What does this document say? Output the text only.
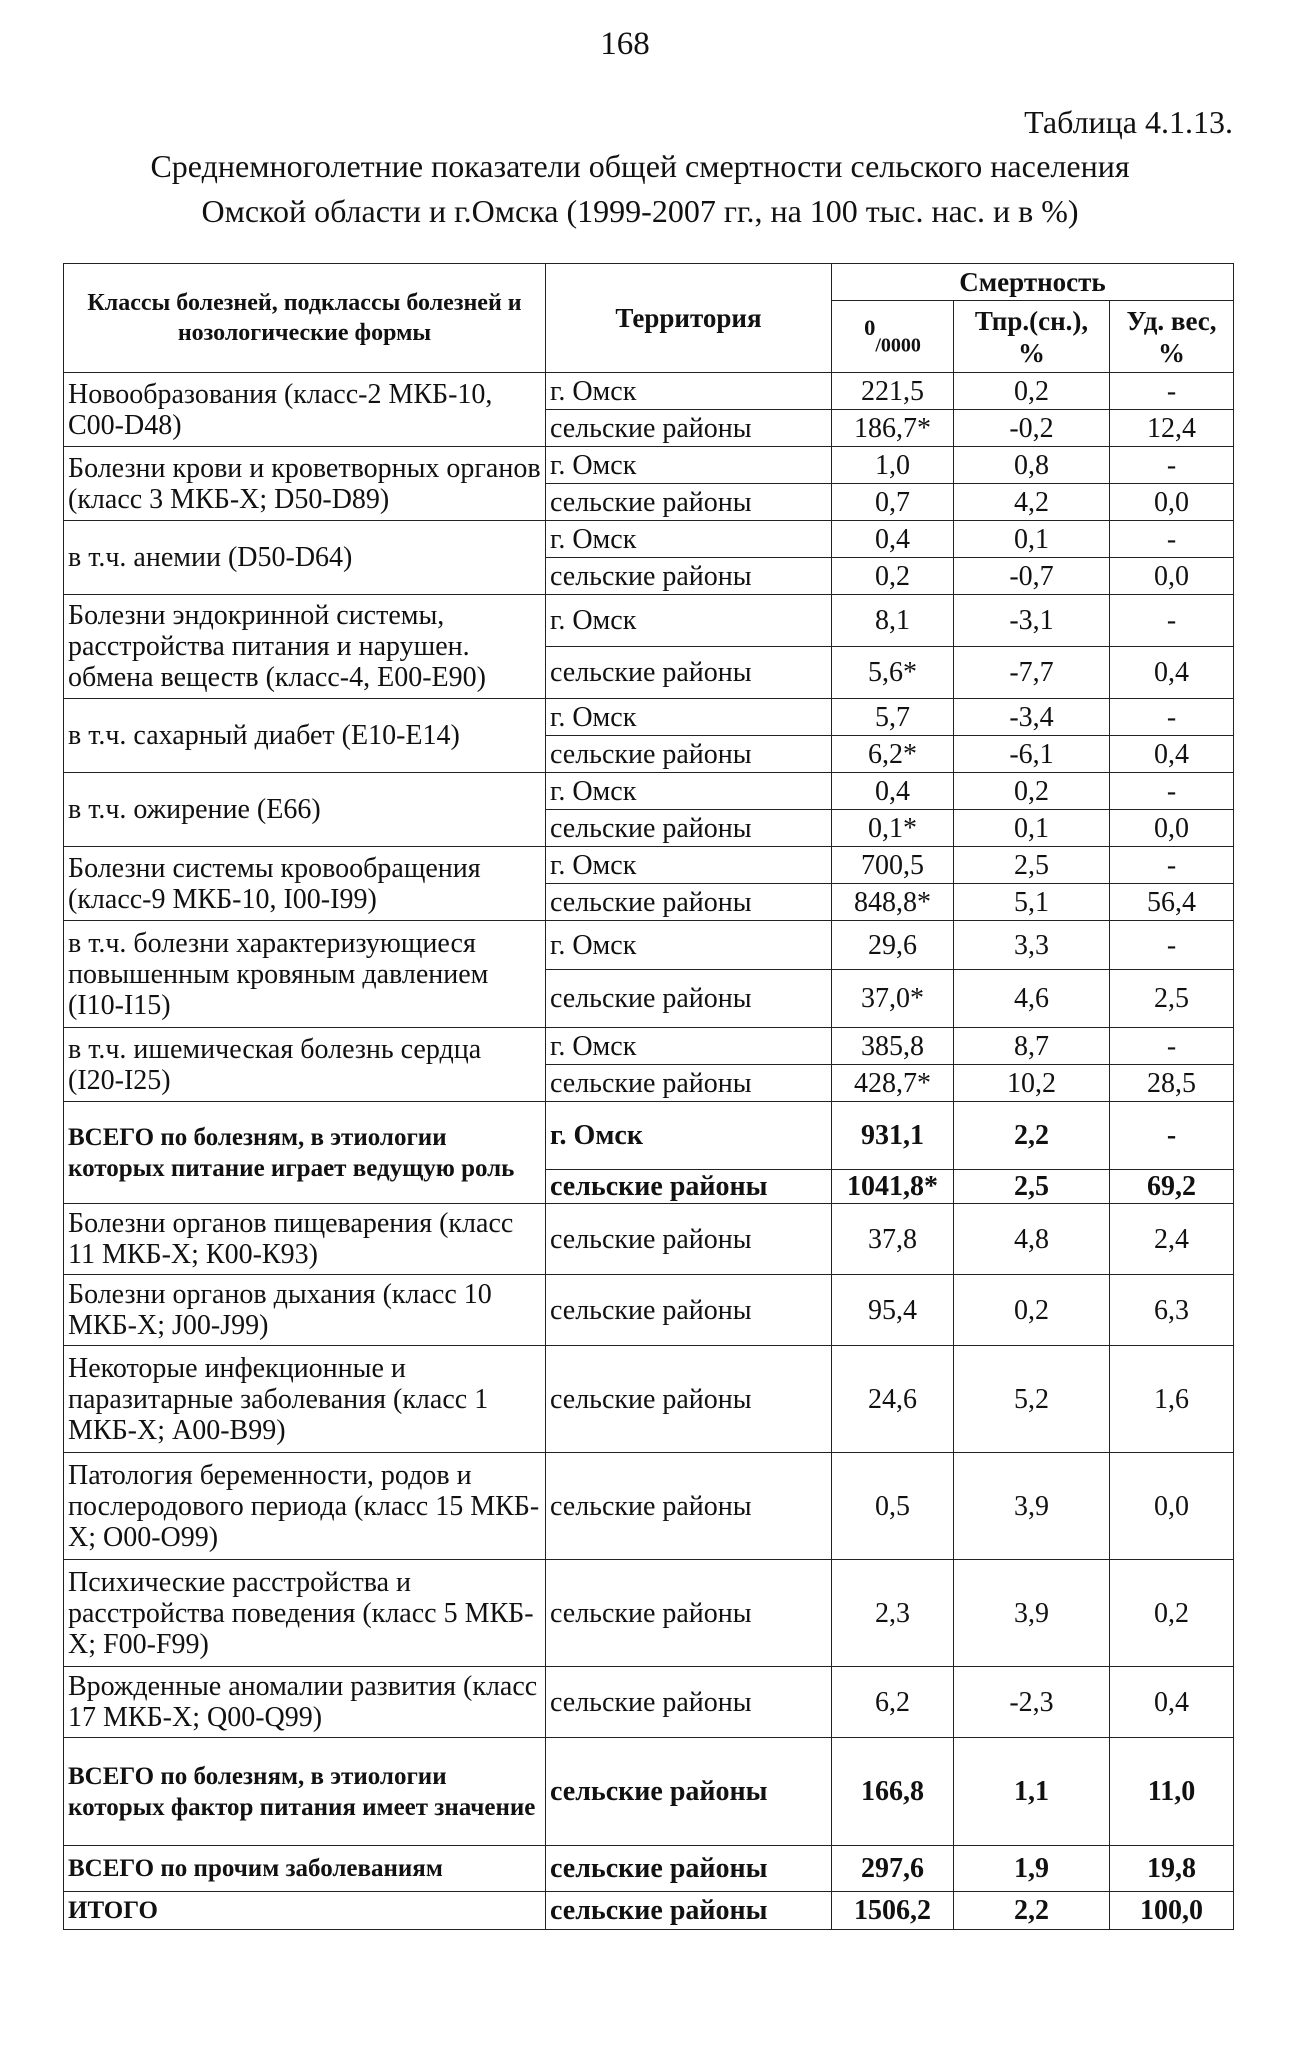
168
Таблица 4.1.13.
Среднемноголетние показатели общей смертности сельского населения
Омской области и г.Омска (1999-2007 гг., на 100 тыс. нас. и в %)
Классы болезней, подклассы болезней и нозологические формы	Территория	Смертность		
		$^0_{/0000}$	Тпр.(сн.), %	Уд. вес, %
Новообразования (класс-2 МКБ-10, С00-D48)	г. Омск	221,5	0,2	-
	сельские районы	186,7*	-0,2	12,4
Болезни крови и кроветворных органов (класс 3 МКБ-Х; D50-D89)	г. Омск	1,0	0,8	-
	сельские районы	0,7	4,2	0,0
в т.ч. анемии (D50-D64)	г. Омск	0,4	0,1	-
	сельские районы	0,2	-0,7	0,0
Болезни эндокринной системы, расстройства питания и нарушен. обмена веществ (класс-4, Е00-Е90)	г. Омск	8,1	-3,1	-
	сельские районы	5,6*	-7,7	0,4
в т.ч. сахарный диабет (Е10-Е14)	г. Омск	5,7	-3,4	-
	сельские районы	6,2*	-6,1	0,4
в т.ч. ожирение (Е66)	г. Омск	0,4	0,2	-
	сельские районы	0,1*	0,1	0,0
Болезни системы кровообращения (класс-9 МКБ-10, I00-I99)	г. Омск	700,5	2,5	-
	сельские районы	848,8*	5,1	56,4
в т.ч. болезни характеризующиеся повышенным кровяным давлением (I10-I15)	г. Омск	29,6	3,3	-
	сельские районы	37,0*	4,6	2,5
в т.ч. ишемическая болезнь сердца (I20-I25)	г. Омск	385,8	8,7	-
	сельские районы	428,7*	10,2	28,5
ВСЕГО по болезням, в этиологии которых питание играет ведущую роль	г. Омск	931,1	2,2	-
	сельские районы	1041,8*	2,5	69,2
Болезни органов пищеварения (класс 11 МКБ-Х; К00-К93)	сельские районы	37,8	4,8	2,4
Болезни органов дыхания (класс 10 МКБ-Х; J00-J99)	сельские районы	95,4	0,2	6,3
Некоторые инфекционные и паразитарные заболевания (класс 1 МКБ-Х; А00-В99)	сельские районы	24,6	5,2	1,6
Патология беременности, родов и послеродового периода (класс 15 МКБ-Х; О00-О99)	сельские районы	0,5	3,9	0,0
Психические расстройства и расстройства поведения (класс 5 МКБ-Х; F00-F99)	сельские районы	2,3	3,9	0,2
Врожденные аномалии развития (класс 17 МКБ-Х; Q00-Q99)	сельские районы	6,2	-2,3	0,4
ВСЕГО по болезням, в этиологии которых фактор питания имеет значение	сельские районы	166,8	1,1	11,0
ВСЕГО по прочим заболеваниям	сельские районы	297,6	1,9	19,8
ИТОГО	сельские районы	1506,2	2,2	100,0
